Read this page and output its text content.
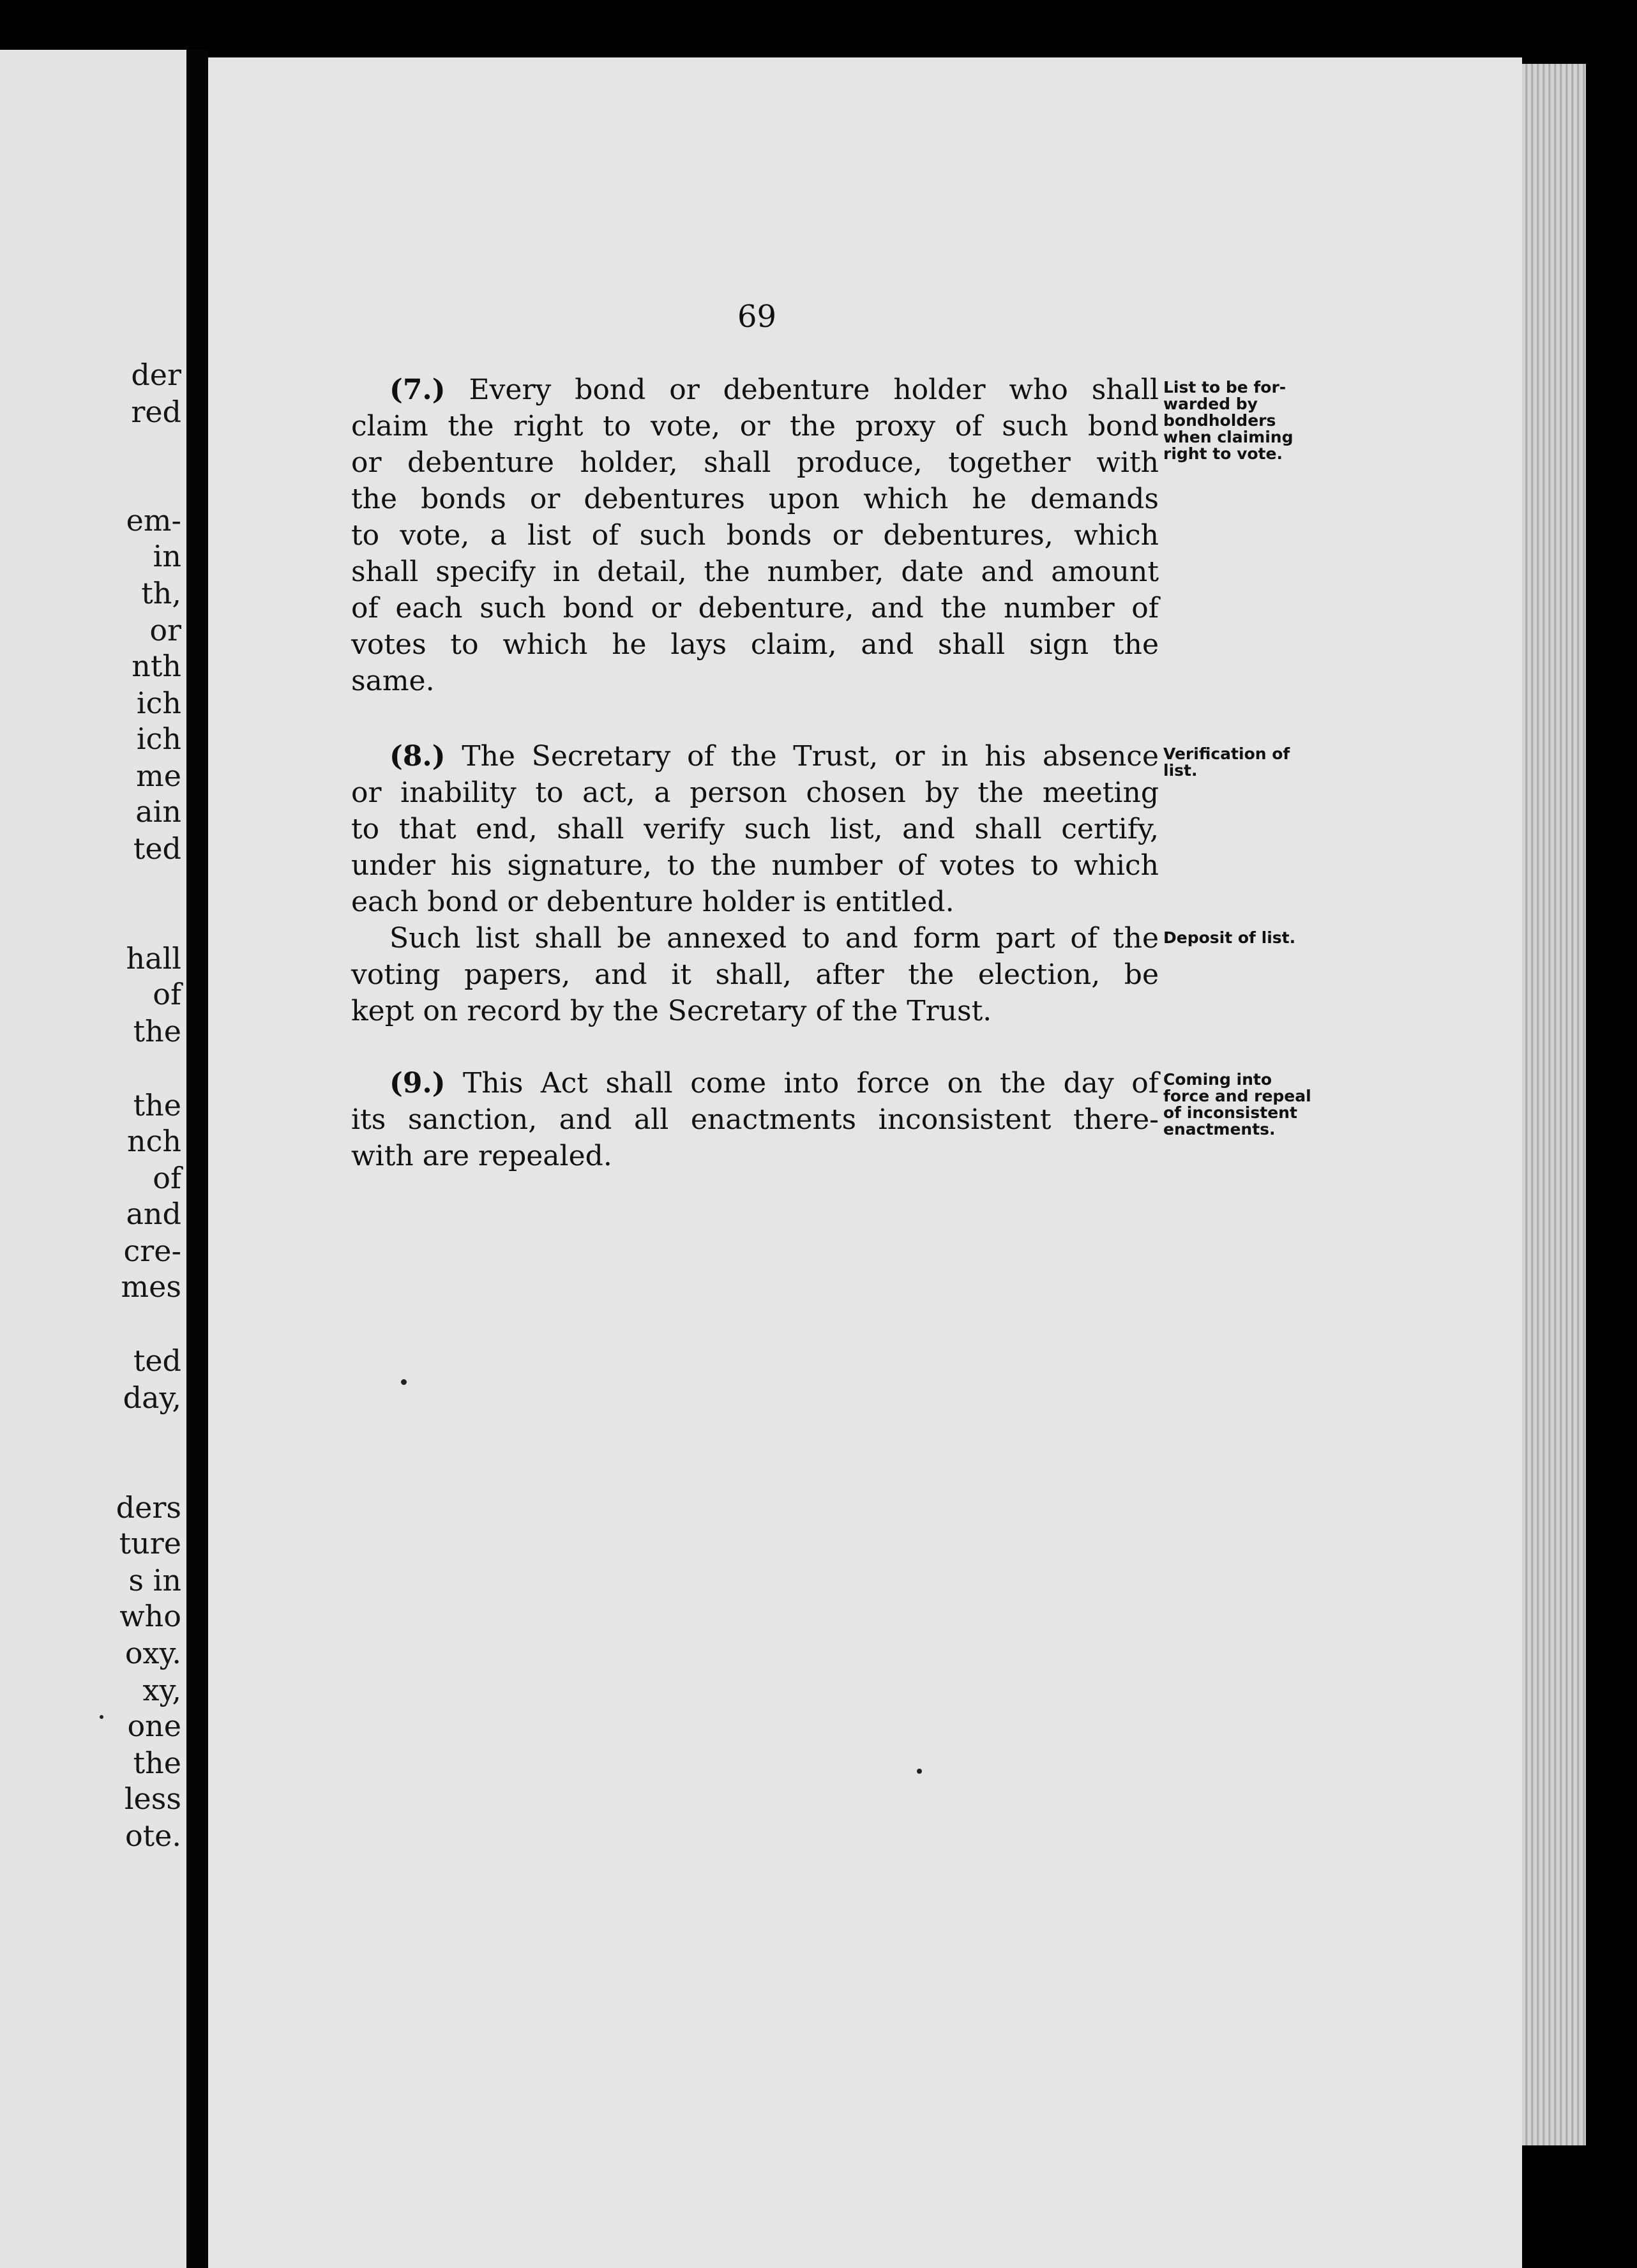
der

red

em-

in

th,

or

nth

ich

ich

me

ain

ted

hall

of

the

the

nch

of

and

cre-

mes

ted

day,

ders

ture

s in

who

oxy.

xy,

one

the

less

ote.

69

(7.) Every bond or debenture holder who shall
claim the right to vote, or the proxy of such bond
or debenture holder, shall produce, together with
the bonds or debentures upon which he demands
to vote, a list of such bonds or debentures, which
shall specify in detail, the number, date and amount
of each such bond or debenture, and the number of
votes to which he lays claim, and shall sign the
same.
List to be for-
warded by
bondholders
when claiming
right to vote.
(8.) The Secretary of the Trust, or in his absence
or inability to act, a person chosen by the meeting
to that end, shall verify such list, and shall certify,
under his signature, to the number of votes to which
each bond or debenture holder is entitled.
Verification of
list.
Such list shall be annexed to and form part of the
voting papers, and it shall, after the election, be
kept on record by the Secretary of the Trust.
Deposit of list.
(9.) This Act shall come into force on the day of
its sanction, and all enactments inconsistent there-
with are repealed.
Coming into
force and repeal
of inconsistent
enactments.
